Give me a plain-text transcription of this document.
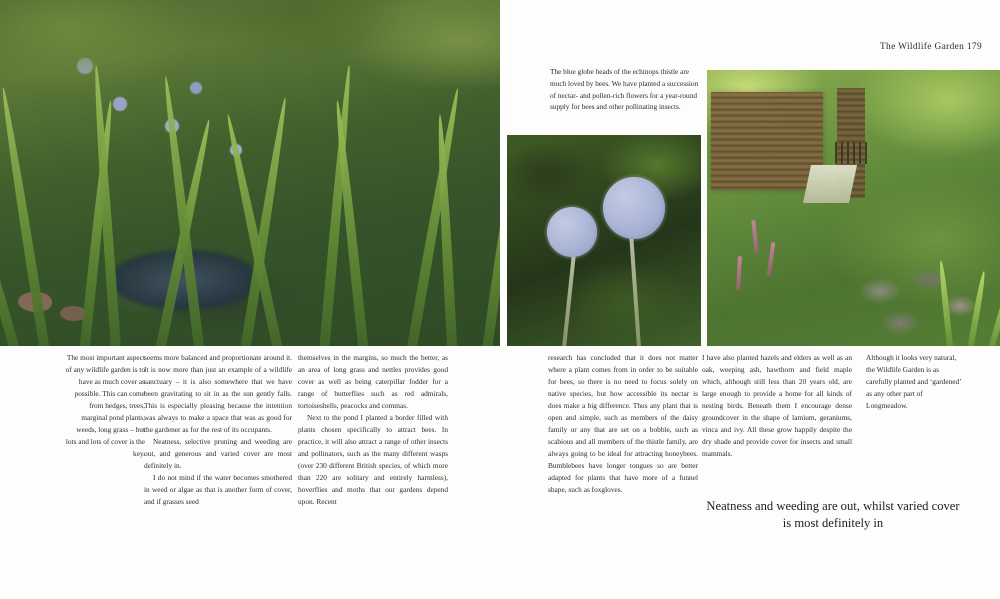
The Wildlife Garden 179
The blue globe heads of the echinops thistle are much loved by bees. We have planted a succession of nectar- and pollen-rich flowers for a year-round supply for bees and other pollinating insects.

The most important aspect of any wildlife garden is to have as much cover as possible. This can come from hedges, trees, marginal pond plants, weeds, long grass – but lots and lots of cover is the key.

seems more balanced and proportionate around it. It is now more than just an example of a wildlife sanctuary – it is also somewhere that we have been gravitating to sit in as the sun gently falls. This is especially pleasing because the intention was always to make a space that was as good for the gardener as for the rest of its occupants.

Neatness, selective pruning and weeding are out, and generous and varied cover are most definitely in.

I do not mind if the water becomes smothered in weed or algae as that is another form of cover, and if grasses seed

themselves in the margins, so much the better, as an area of long grass and nettles provides good cover as well as being caterpillar fodder for a range of butterflies such as red admirals, tortoiseshells, peacocks and commas.

Next to the pond I planted a border filled with plants chosen specifically to attract bees. In practice, it will also attract a range of other insects and pollinators, such as the many different wasps (over 230 different British species, of which more than 220 are solitary and entirely harmless), hoverflies and moths that our gardens depend upon. Recent

research has concluded that it does not matter where a plant comes from in order to be suitable for bees, so there is no need to focus solely on native species, but how accessible its nectar is does make a big difference. Thus any plant that is open and simple, such as members of the daisy family or any that are set on a bobble, such as scabious and all members of the thistle family, are always going to be ideal for attracting honeybees. Bumblebees have longer tongues so are better adapted for plants that have more of a funnel shape, such as foxgloves.

I have also planted hazels and elders as well as an oak, weeping ash, hawthorn and field maple which, although still less than 20 years old, are large enough to provide a home for all kinds of nesting birds. Beneath them I encourage dense groundcover in the shape of lamium, geraniums, vinca and ivy. All these grow happily despite the dry shade and provide cover for insects and small mammals.

Although it looks very natural, the Wildlife Garden is as carefully planted and ‘gardened’ as any other part of Longmeadow.

Neatness and weeding are out, whilst varied cover is most definitely in
